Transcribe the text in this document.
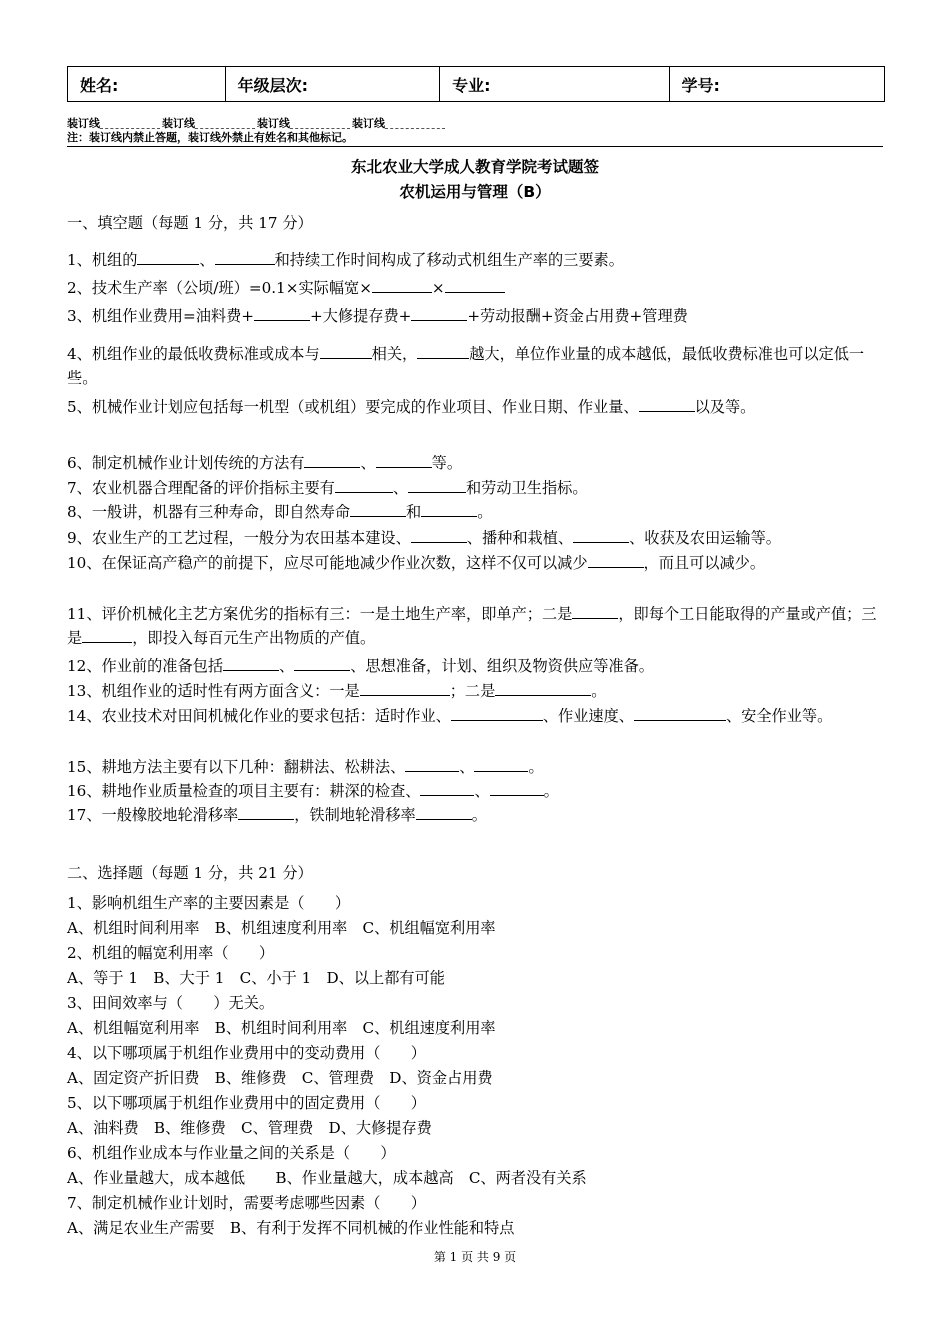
姓名:	年级层次:	专业:	学号:
装订线	装订线	装订线	装订线
注：装订线内禁止答题，装订线外禁止有姓名和其他标记。
东北农业大学成人教育学院考试题签
农机运用与管理（B）
一、填空题（每题 1 分，共 17 分）
1、机组的	、	和持续工作时间构成了移动式机组生产率的三要素。
2、技术生产率（公顷/班）=0.1×实际幅宽×	×
3、机组作业费用=油料费+	+大修提存费+	+劳动报酬+资金占用费+管理费
4、机组作业的最低收费标准或成本与	相关，	越大，单位作业量的成本越低，最低收费标准也可以定低一些。
5、机械作业计划应包括每一机型（或机组）要完成的作业项目、作业日期、作业量、	以及等。
6、制定机械作业计划传统的方法有	、	等。
7、农业机器合理配备的评价指标主要有	、	和劳动卫生指标。
8、一般讲，机器有三种寿命，即自然寿命	和	。
9、农业生产的工艺过程，一般分为农田基本建设、	、播种和栽植、	、收获及农田运输等。
10、在保证高产稳产的前提下，应尽可能地减少作业次数，这样不仅可以减少	，而且可以减少。
11、评价机械化主艺方案优劣的指标有三：一是土地生产率，即单产；二是	，即每个工日能取得的产量或产值；三是	，即投入每百元生产出物质的产值。
12、作业前的准备包括	、	、思想准备，计划、组织及物资供应等准备。
13、机组作业的适时性有两方面含义：一是	；二是	。
14、农业技术对田间机械化作业的要求包括：适时作业、	、作业速度、	、安全作业等。
15、耕地方法主要有以下几种：翻耕法、松耕法、	、	。
16、耕地作业质量检查的项目主要有：耕深的检查、	、	。
17、一般橡胶地轮滑移率	，铁制地轮滑移率	。
二、选择题（每题 1 分，共 21 分）
1、影响机组生产率的主要因素是（　　）
A、机组时间利用率　B、机组速度利用率　C、机组幅宽利用率
2、机组的幅宽利用率（　　）
A、等于 1　B、大于 1　C、小于 1　D、以上都有可能
3、田间效率与（　　）无关。
A、机组幅宽利用率　B、机组时间利用率　C、机组速度利用率
4、以下哪项属于机组作业费用中的变动费用（　　）
A、固定资产折旧费　B、维修费　C、管理费　D、资金占用费
5、以下哪项属于机组作业费用中的固定费用（　　）
A、油料费　B、维修费　C、管理费　D、大修提存费
6、机组作业成本与作业量之间的关系是（　　）
A、作业量越大，成本越低　　B、作业量越大，成本越高　C、两者没有关系
7、制定机械作业计划时，需要考虑哪些因素（　　）
A、满足农业生产需要　B、有利于发挥不同机械的作业性能和特点
第 1 页 共 9 页
